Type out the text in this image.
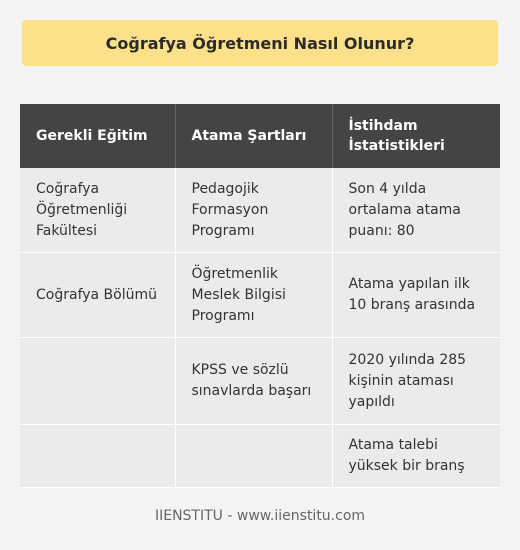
Coğrafya Öğretmeni Nasıl Olunur?
Gerekli Eğitim	Atama Şartları	İstihdam İstatistikleri
Coğrafya Öğretmenliği Fakültesi	Pedagojik Formasyon Programı	Son 4 yılda ortalama atama puanı: 80
Coğrafya Bölümü	Öğretmenlik Meslek Bilgisi Programı	Atama yapılan ilk 10 branş arasında
	KPSS ve sözlü sınavlarda başarı	2020 yılında 285 kişinin ataması yapıldı
		Atama talebi yüksek bir branş
IIENSTITU - www.iienstitu.com
